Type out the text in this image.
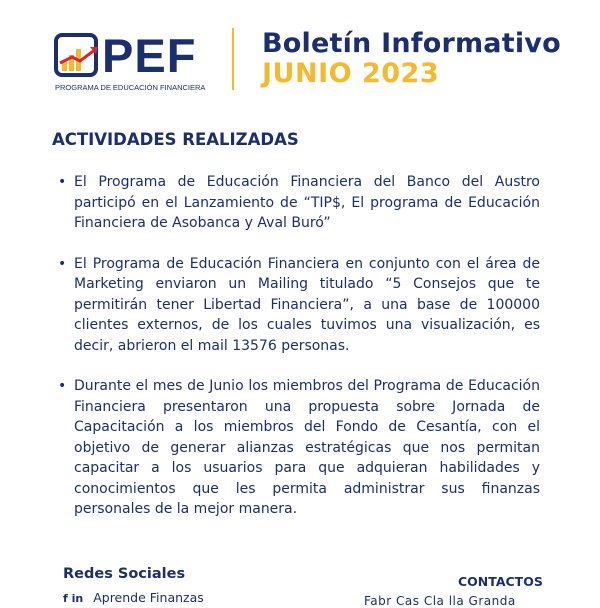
PEF
PROGRAMA DE EDUCACIÓN FINANCIERA
Boletín Informativo
JUNIO 2023
ACTIVIDADES REALIZADAS
• El Programa de Educación Financiera del Banco del Austro participó en el Lanzamiento de “TIP$, El programa de Educación Financiera de Asobanca y Aval Buró”
• El Programa de Educación Financiera en conjunto con el área de Marketing enviaron un Mailing titulado “5 Consejos que te permitirán tener Libertad Financiera”, a una base de 100000 clientes externos, de los cuales tuvimos una visualización, es decir, abrieron el mail 13576 personas.
• Durante el mes de Junio los miembros del Programa de Educación Financiera presentaron una propuesta sobre Jornada de Capacitación a los miembros del Fondo de Cesantía, con el objetivo de generar alianzas estratégicas que nos permitan capacitar a los usuarios para que adquieran habilidades y conocimientos que les permita administrar sus finanzas personales de la mejor manera.
Redes Sociales
f in Aprende Finanzas
CONTACTOS
Fabr Cas Cla lla Granda
